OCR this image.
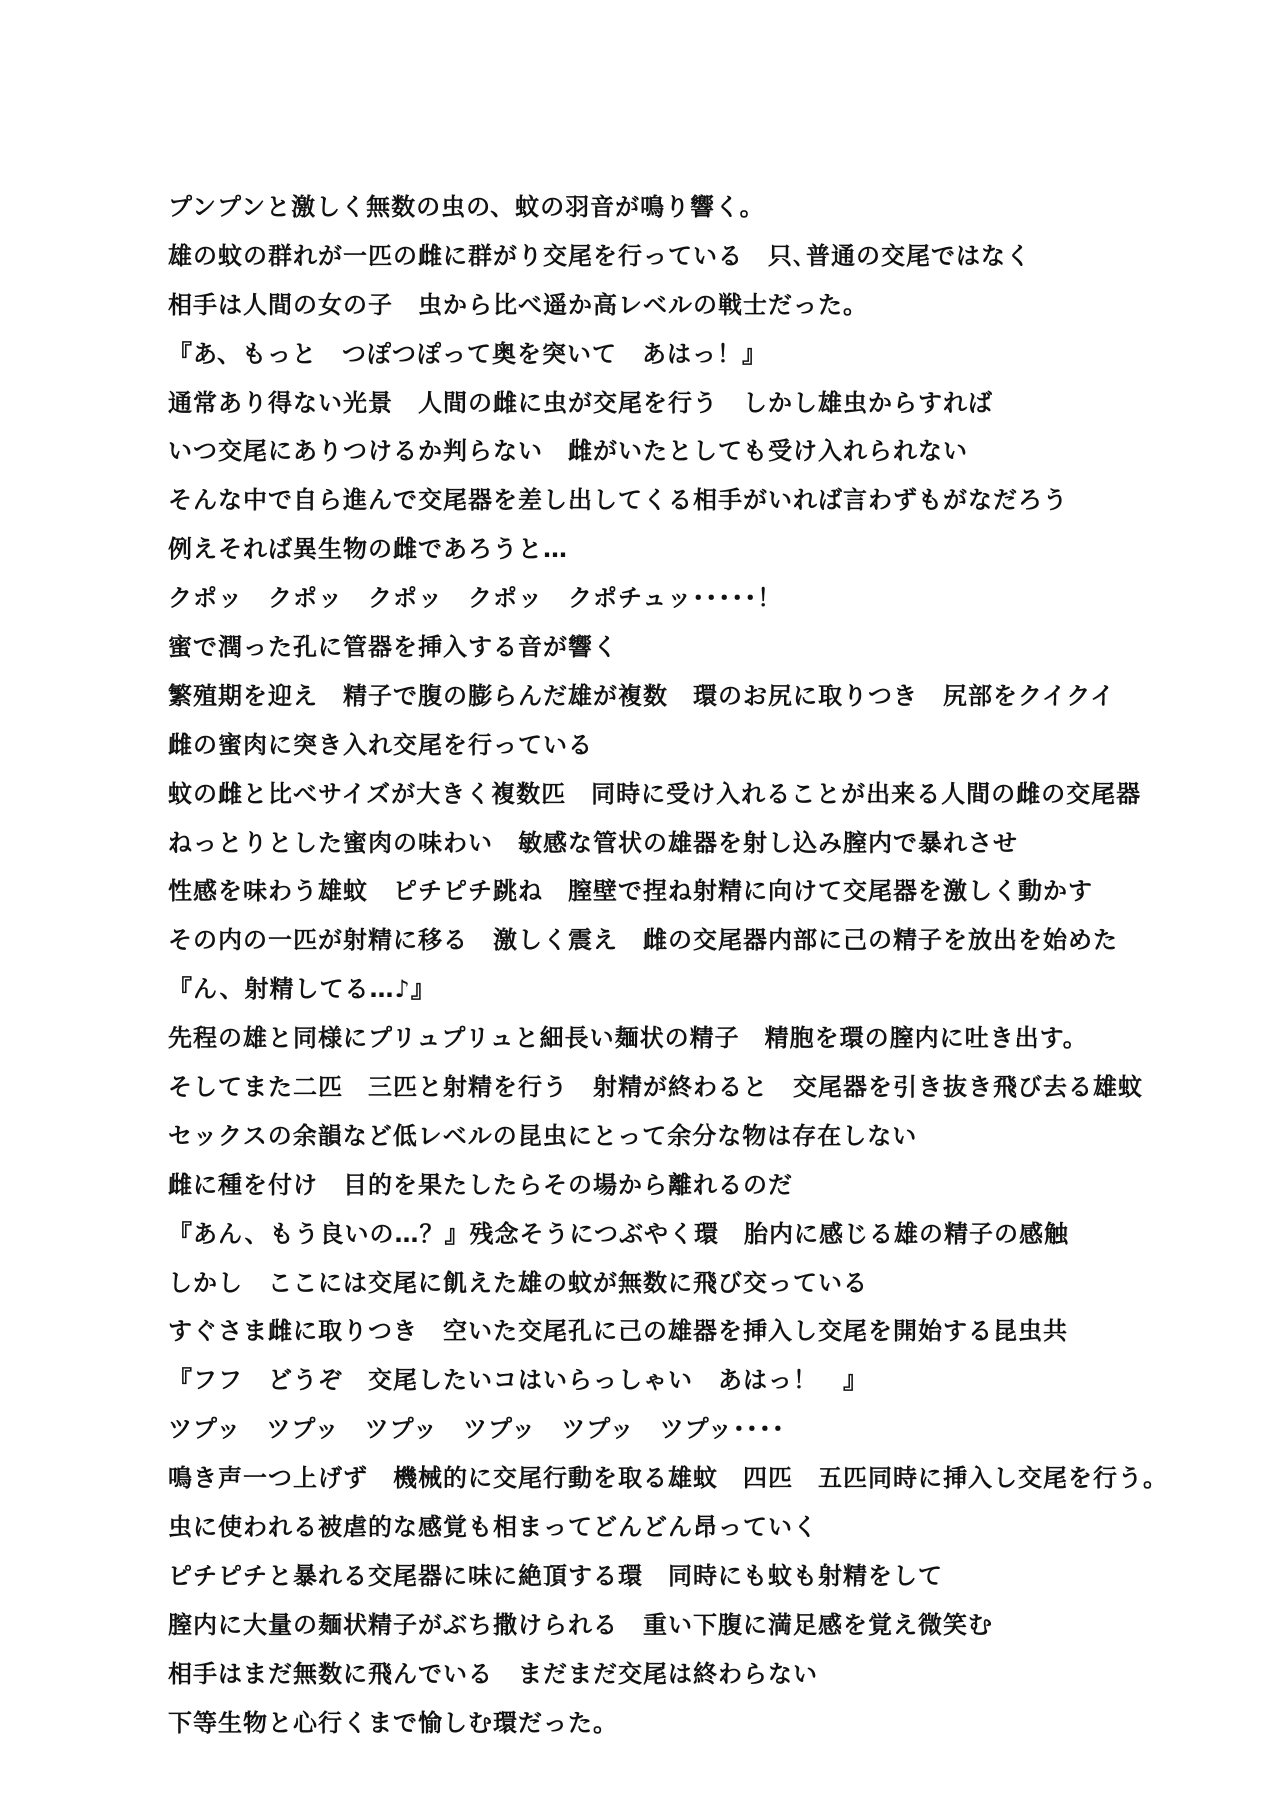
プンプンと激しく無数の虫の、蚊の羽音が鳴り響く。
雄の蚊の群れが一匹の雌に群がり交尾を行っている　只､普通の交尾ではなく
相手は人間の女の子　虫から比べ遥か高レベルの戦士だった。
『あ、もっと　つぽつぽって奥を突いて　あはっ！』
通常あり得ない光景　人間の雌に虫が交尾を行う　しかし雄虫からすれば
いつ交尾にありつけるか判らない　雌がいたとしても受け入れられない
そんな中で自ら進んで交尾器を差し出してくる相手がいれば言わずもがなだろう
例えそれば異生物の雌であろうと…
クポッ　クポッ　クポッ　クポッ　クポチュッ･････！
蜜で潤った孔に管器を挿入する音が響く
繁殖期を迎え　精子で腹の膨らんだ雄が複数　環のお尻に取りつき　尻部をクイクイ
雌の蜜肉に突き入れ交尾を行っている
蚊の雌と比べサイズが大きく複数匹　同時に受け入れることが出来る人間の雌の交尾器
ねっとりとした蜜肉の味わい　敏感な管状の雄器を射し込み膣内で暴れさせ
性感を味わう雄蚊　ピチピチ跳ね　膣壁で捏ね射精に向けて交尾器を激しく動かす
その内の一匹が射精に移る　激しく震え　雌の交尾器内部に己の精子を放出を始めた
『ん、射精してる…♪』
先程の雄と同様にプリュプリュと細長い麺状の精子　精胞を環の膣内に吐き出す。
そしてまた二匹　三匹と射精を行う　射精が終わると　交尾器を引き抜き飛び去る雄蚊
セックスの余韻など低レベルの昆虫にとって余分な物は存在しない
雌に種を付け　目的を果たしたらその場から離れるのだ
『あん、もう良いの…？』残念そうにつぶやく環　胎内に感じる雄の精子の感触
しかし　ここには交尾に飢えた雄の蚊が無数に飛び交っている
すぐさま雌に取りつき　空いた交尾孔に己の雄器を挿入し交尾を開始する昆虫共
『フフ　どうぞ　交尾したいコはいらっしゃい　あはっ！　』
ツプッ　ツプッ　ツプッ　ツプッ　ツプッ　ツプッ････
鳴き声一つ上げず　機械的に交尾行動を取る雄蚊　四匹　五匹同時に挿入し交尾を行う。
虫に使われる被虐的な感覚も相まってどんどん昂っていく
ピチピチと暴れる交尾器に味に絶頂する環　同時にも蚊も射精をして
膣内に大量の麺状精子がぶち撒けられる　重い下腹に満足感を覚え微笑む
相手はまだ無数に飛んでいる　まだまだ交尾は終わらない
下等生物と心行くまで愉しむ環だった。
